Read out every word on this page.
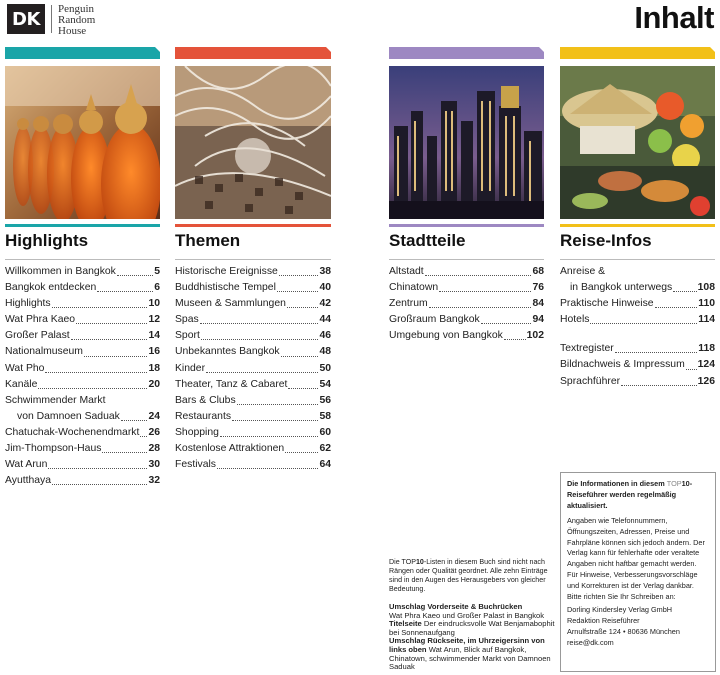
DK	Penguin
Random
House	Inhalt
Highlights
Willkommen in Bangkok	5
Bangkok entdecken	6
Highlights	10
Wat Phra Kaeo	12
Großer Palast	14
Nationalmuseum	16
Wat Pho	18
Kanäle	20
Schwimmender Markt
von Damnoen Saduak	24
Chatuchak-Wochenendmarkt 26
Jim-Thompson-Haus	28
Wat Arun	30
Ayutthaya	32
Themen
Historische Ereignisse	38
Buddhistische Tempel	40
Museen & Sammlungen	42
Spas	44
Sport	46
Unbekanntes Bangkok	48
Kinder	50
Theater, Tanz & Cabaret	54
Bars & Clubs	56
Restaurants	58
Shopping	60
Kostenlose Attraktionen	62
Festivals	64
Stadtteile
Altstadt	68
Chinatown	76
Zentrum	84
Großraum Bangkok	94
Umgebung von Bangkok 102
Reise-Infos
Anreise &
in Bangkok unterwegs 108
Praktische Hinweise	110
Hotels	114
Textregister	118
Bildnachweis & Impressum 124
Sprachführer	126
Die TOP10-Listen in diesem Buch sind nicht nach Rängen oder Qualität geordnet. Alle zehn Einträge sind in den Augen des Herausgebers von gleicher Bedeutung.
Umschlag Vorderseite & Buchrücken
Wat Phra Kaeo und Großer Palast in Bangkok
Titelseite Der eindrucksvolle Wat Benjamabophit bei Sonnenaufgang
Umschlag Rückseite, im Uhrzeigersinn von links oben Wat Arun, Blick auf Bangkok, Chinatown, schwimmender Markt von Damnoen Saduak

Die Informationen in diesem TOP10-Reiseführer werden regelmäßig aktualisiert.

Angaben wie Telefonnummern, Öffnungszeiten, Adressen, Preise und Fahrpläne können sich jedoch ändern. Der Verlag kann für fehlerhafte oder veraltete Angaben nicht haftbar gemacht werden. Für Hinweise, Verbesserungsvorschläge und Korrekturen ist der Verlag dankbar. Bitte richten Sie Ihr Schreiben an:

Dorling Kindersley Verlag GmbH
Redaktion Reiseführer
Arnulfstraße 124 • 80636 München
reise@dk.com
